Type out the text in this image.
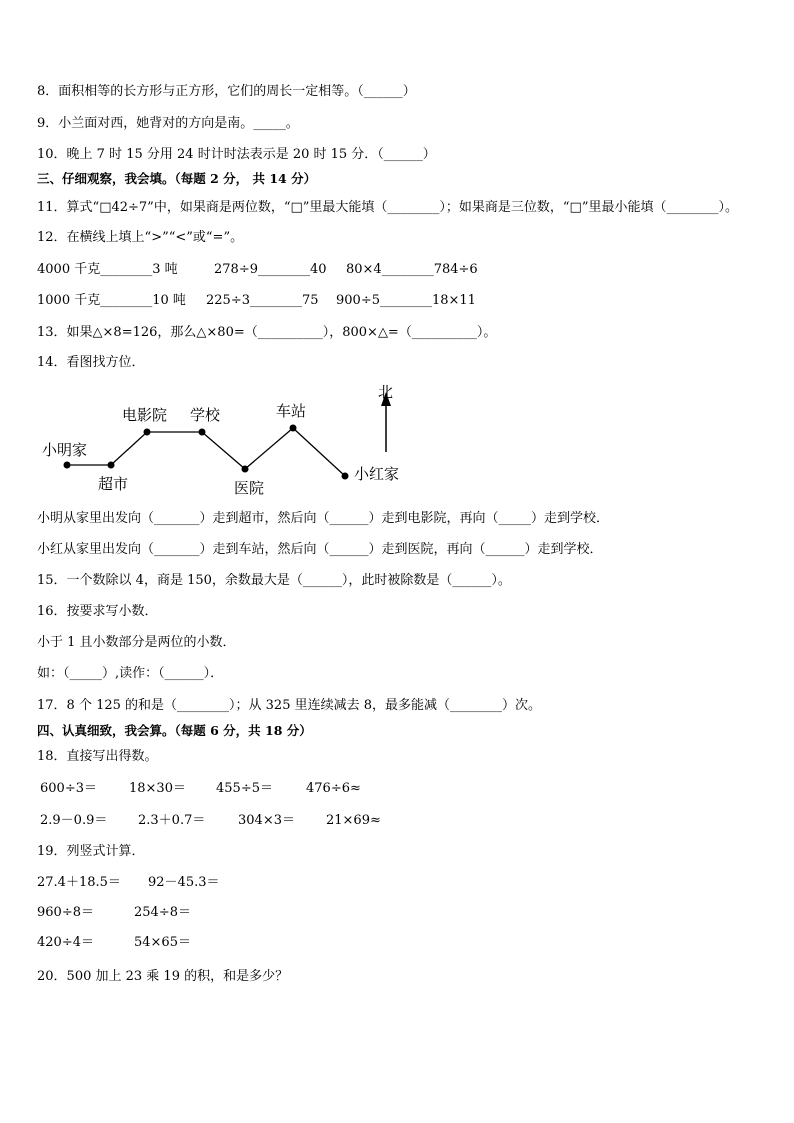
8．面积相等的长方形与正方形，它们的周长一定相等。（______）
9．小兰面对西，她背对的方向是南。_____。
10．晚上 7 时 15 分用 24 时计时法表示是 20 时 15 分．（______）
三、仔细观察，我会填。（每题 2 分， 共 14 分）
11．算式“□42÷7”中，如果商是两位数，“□”里最大能填（________）；如果商是三位数，“□”里最小能填（________）。
12．在横线上填上“>”“<”或“=”。
4000 千克________3 吨	278÷9________40 80×4________784÷6
1000 千克________10 吨 225÷3________75 900÷5________18×11
13．如果△×8=126，那么△×80=（__________），800×△=（__________）。
14．看图找方位．
北
小明家
超市
电影院 学校
医院
车站
小红家
小明从家里出发向（_______）走到超市，然后向（______）走到电影院，再向（_____）走到学校．
小红从家里出发向（_______）走到车站，然后向（______）走到医院，再向（______）走到学校．
15．一个数除以 4，商是 150，余数最大是（______），此时被除数是（______）。
16．按要求写小数．
小于 1 且小数部分是两位的小数．
如：（_____）,读作：（______）．
17．8 个 125 的和是（________）；从 325 里连续减去 8，最多能减（________）次。
四、认真细致，我会算。（每题 6 分，共 18 分）
18．直接写出得数。
600÷3＝ 18×30＝ 455÷5＝	476÷6≈
2.9－0.9＝ 2.3＋0.7＝	304×3＝ 21×69≈
19．列竖式计算．
27.4＋18.5＝ 92－45.3＝
960÷8＝	254÷8＝
420÷4＝	54×65＝
20．500 加上 23 乘 19 的积，和是多少？
